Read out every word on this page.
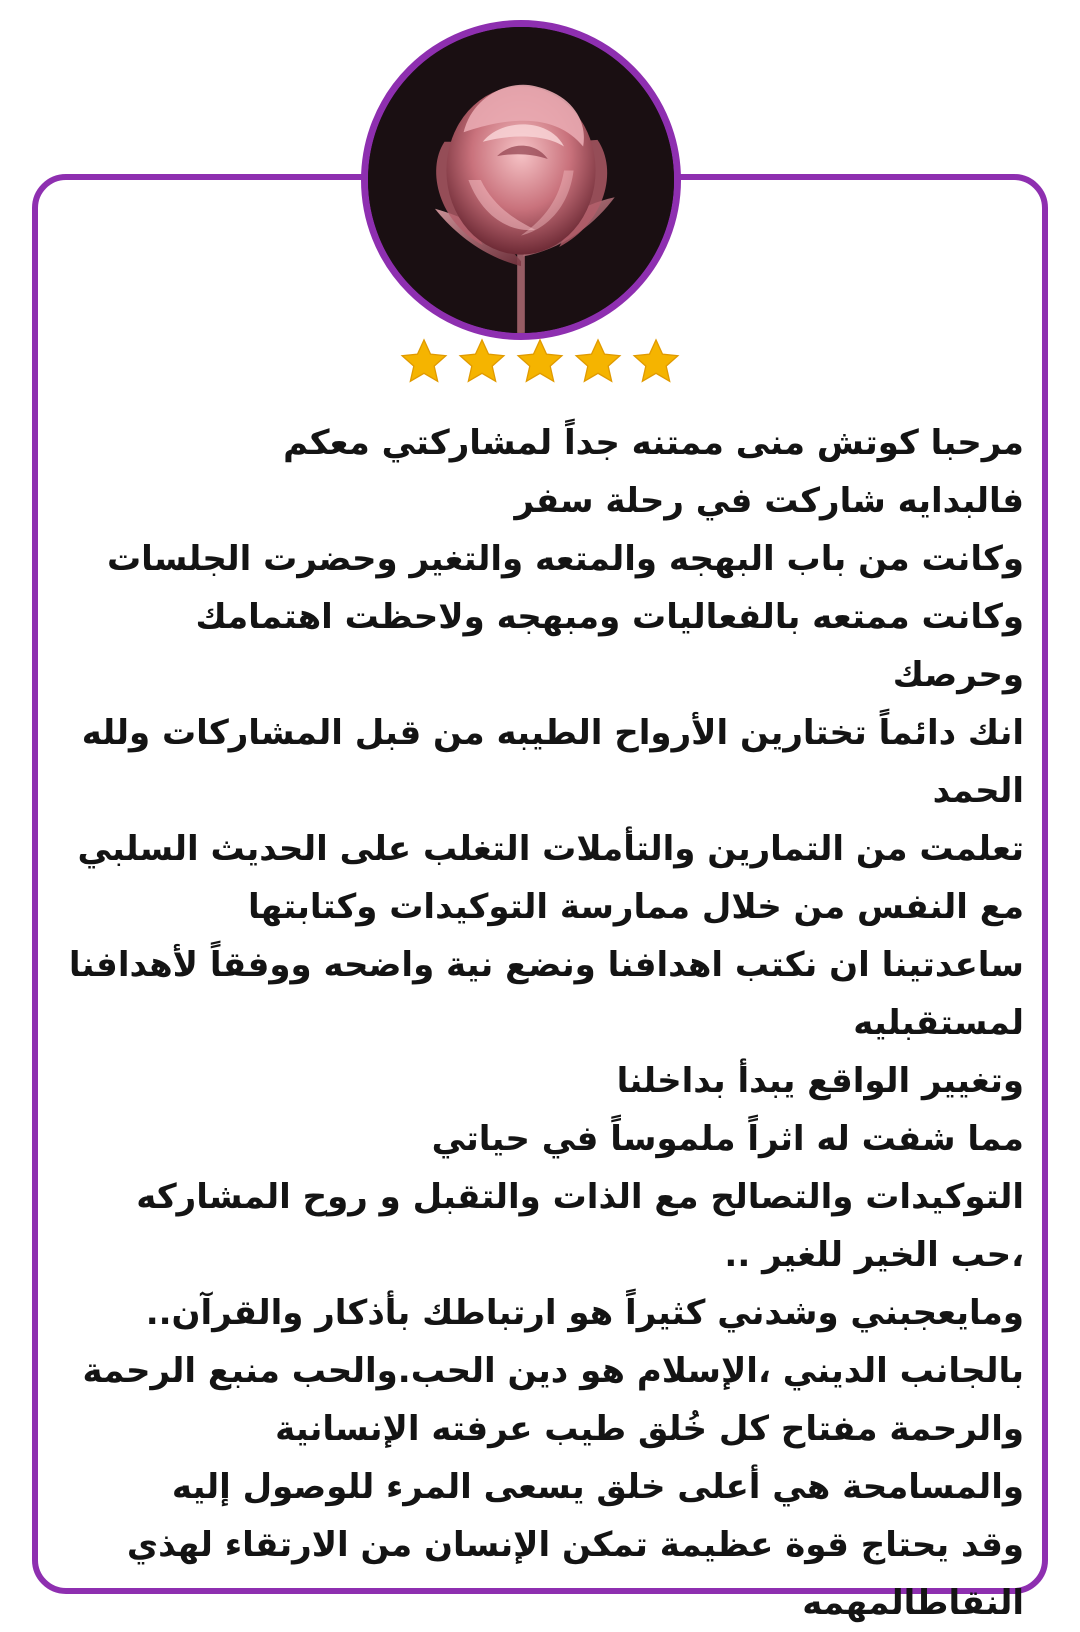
مرحبا كوتش منى ممتنه جداً لمشاركتي معكم
فالبدايه شاركت في رحلة سفر
وكانت من باب البهجه والمتعه والتغير وحضرت الجلسات
وكانت ممتعه بالفعاليات ومبهجه ولاحظت اهتمامك وحرصك
انك دائماً تختارين الأرواح الطيبه من قبل المشاركات ولله الحمد
تعلمت من التمارين والتأملات التغلب على الحديث السلبي مع النفس من خلال ممارسة التوكيدات وكتابتها
ساعدتينا ان نكتب اهدافنا ونضع نية واضحه ووفقاً لأهدافنا لمستقبليه
وتغيير الواقع يبدأ بداخلنا
مما شفت له اثراً ملموساً في حياتي
التوكيدات والتصالح مع الذات والتقبل و روح المشاركه ،حب الخير للغير ..
ومايعجبني وشدني كثيراً هو ارتباطك بأذكار والقرآن..
بالجانب الديني ،الإسلام هو دين الحب.والحب منبع الرحمة
والرحمة مفتاح كل خُلق طيب عرفته الإنسانية
والمسامحة هي أعلى خلق يسعى المرء للوصول إليه
وقد يحتاج قوة عظيمة تمكن الإنسان من الارتقاء لهذي النقاطالمهمه
